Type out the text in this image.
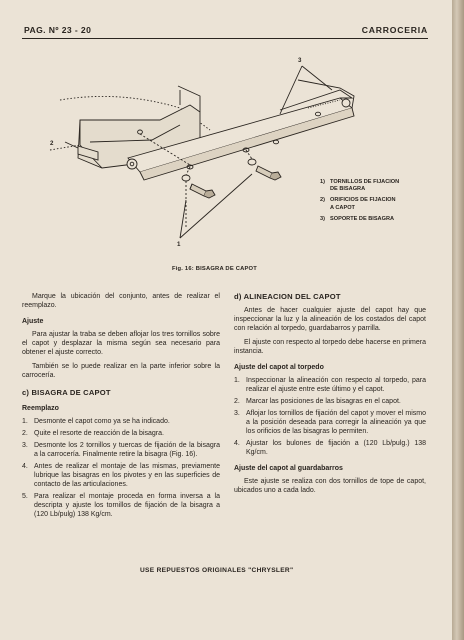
PAG. Nº 23 - 20	CARROCERIA
2
3
1
1) TORNILLOS DE FIJACION
DE BISAGRA
2) ORIFICIOS DE FIJACION
A CAPOT
3) SOPORTE DE BISAGRA
Fig. 16: BISAGRA DE CAPOT

Marque la ubicación del conjunto, antes de realizar el reemplazo.

Ajuste

Para ajustar la traba se deben aflojar los tres tornillos sobre el capot y desplazar la misma según sea necesario para obtener el ajuste correcto.

También se lo puede realizar en la parte inferior sobre la carrocería.

c) BISAGRA DE CAPOT
Reemplazo
1. Desmonte el capot como ya se ha indicado.
2. Quite el resorte de reacción de la bisagra.
3. Desmonte los 2 tornillos y tuercas de fijación de la bisagra a la carrocería. Finalmente retire la bisagra (Fig. 16).
4. Antes de realizar el montaje de las mismas, previamente lubrique las bisagras en los pivotes y en las superficies de contacto de las articulaciones.
5. Para realizar el montaje proceda en forma inversa a la descripta y ajuste los tornillos de fijación de la bisagra a (120 Lb/pulg) 138 Kg/cm.
d) ALINEACION DEL CAPOT

Antes de hacer cualquier ajuste del capot hay que inspeccionar la luz y la alineación de los costados del capot con relación al torpedo, guardabarros y parrilla.

El ajuste con respecto al torpedo debe hacerse en primera instancia.

Ajuste del capot al torpedo
1. Inspeccionar la alineación con respecto al torpedo, para realizar el ajuste entre este último y el capot.
2. Marcar las posiciones de las bisagras en el capot.
3. Aflojar los tornillos de fijación del capot y mover el mismo a la posición deseada para corregir la alineación ya que los orificios de las bisagras lo permiten.
4. Ajustar los bulones de fijación a (120 Lb/pulg.) 138 Kg/cm.
Ajuste del capot al guardabarros

Este ajuste se realiza con dos tornillos de tope de capot, ubicados uno a cada lado.

USE REPUESTOS ORIGINALES "CHRYSLER"
